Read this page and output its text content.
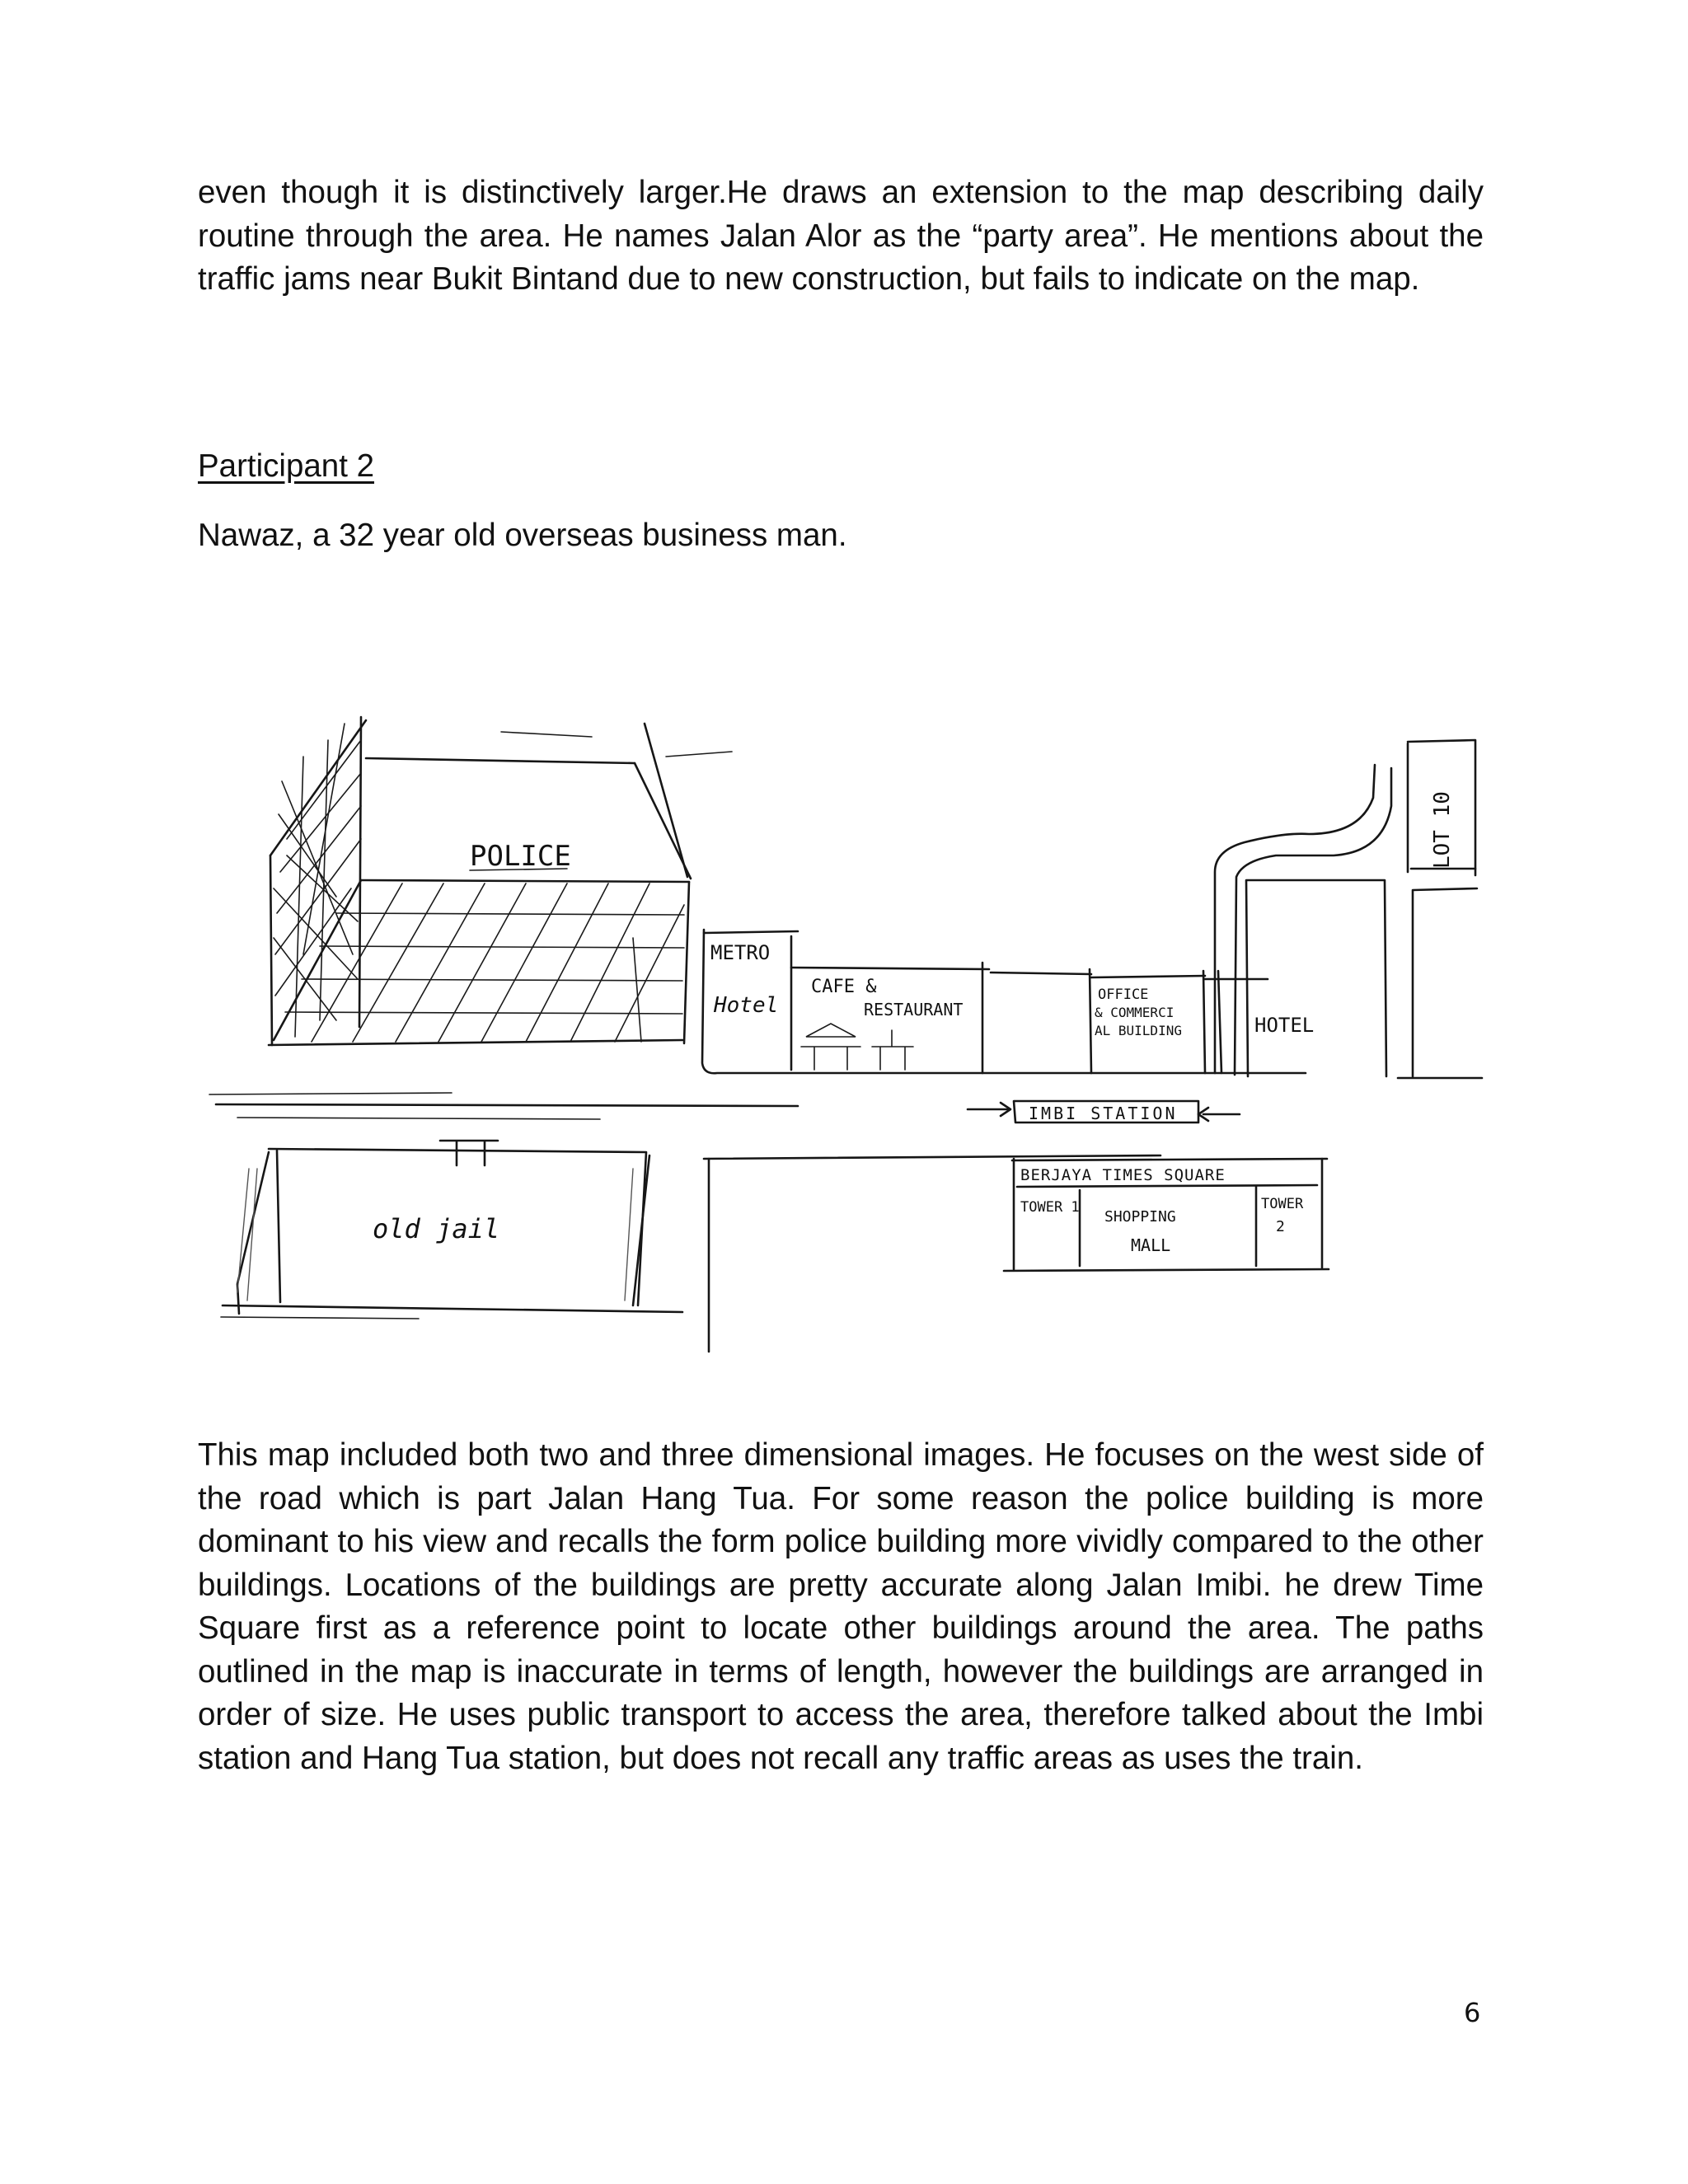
even though it is distinctively larger.He draws an extension to the map describing daily routine through the area. He names Jalan Alor as the “party area”. He mentions about the traffic jams near Bukit Bintand due to new construction, but fails to indicate on the map.

Participant 2
Nawaz, a 32 year old overseas business man.
POLICE
METRO
Hotel
CAFE &
RESTAURANT
OFFICE
& COMMERCI
AL BUILDING	HOTEL
LOT 10
IMBI STATION
old jail
BERJAYA TIMES SQUARE
TOWER 1
SHOPPING
MALL
TOWER
2

This map included both two and three dimensional images. He focuses on the west side of the road which is part Jalan Hang Tua. For some reason the police building is more dominant to his view and recalls the form police building more vividly compared to the other buildings. Locations of the buildings are pretty accurate along Jalan Imibi. he drew Time Square first as a reference point to locate other buildings around the area. The paths outlined in the map is inaccurate in terms of length, however the buildings are arranged in order of size. He uses public transport to access the area, therefore talked about the Imbi station and Hang Tua station, but does not recall any traffic areas as uses the train.

6
